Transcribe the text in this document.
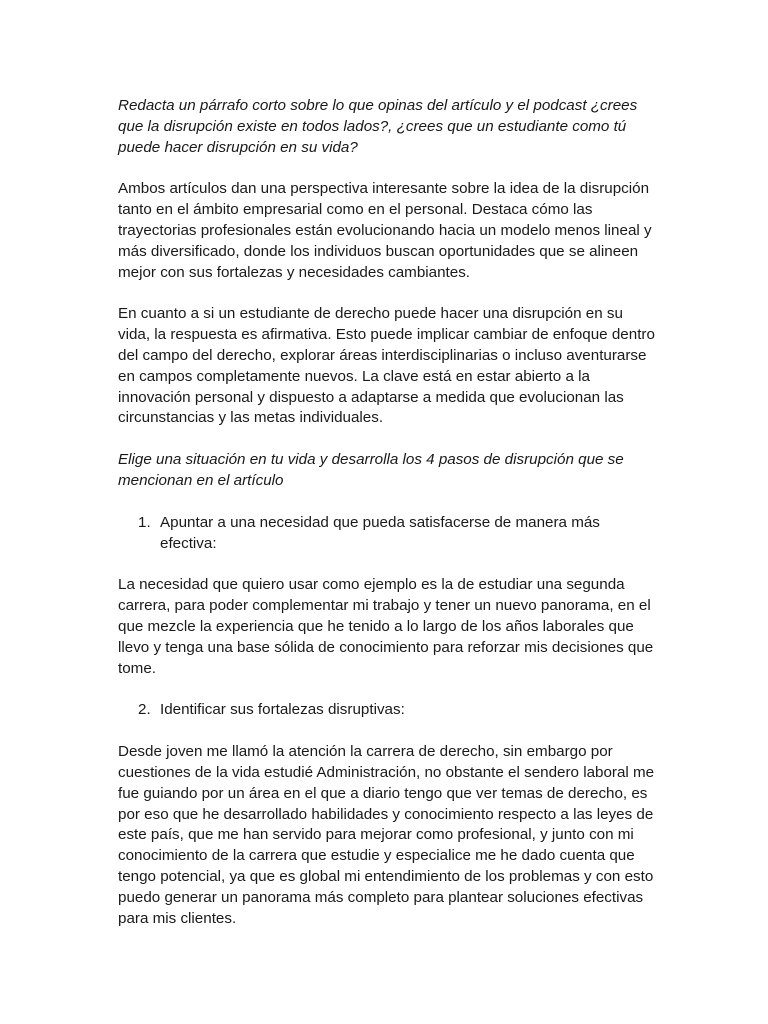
Redacta un párrafo corto sobre lo que opinas del artículo y el podcast ¿crees que la disrupción existe en todos lados?, ¿crees que un estudiante como tú puede hacer disrupción en su vida?

Ambos artículos dan una perspectiva interesante sobre la idea de la disrupción tanto en el ámbito empresarial como en el personal. Destaca cómo las trayectorias profesionales están evolucionando hacia un modelo menos lineal y más diversificado, donde los individuos buscan oportunidades que se alineen mejor con sus fortalezas y necesidades cambiantes.

En cuanto a si un estudiante de derecho puede hacer una disrupción en su vida, la respuesta es afirmativa. Esto puede implicar cambiar de enfoque dentro del campo del derecho, explorar áreas interdisciplinarias o incluso aventurarse en campos completamente nuevos. La clave está en estar abierto a la innovación personal y dispuesto a adaptarse a medida que evolucionan las circunstancias y las metas individuales.

Elige una situación en tu vida y desarrolla los 4 pasos de disrupción que se mencionan en el artículo

1. Apuntar a una necesidad que pueda satisfacerse de manera más efectiva:

La necesidad que quiero usar como ejemplo es la de estudiar una segunda carrera, para poder complementar mi trabajo y tener un nuevo panorama, en el que mezcle la experiencia que he tenido a lo largo de los años laborales que llevo y tenga una base sólida de conocimiento para reforzar mis decisiones que tome.

2. Identificar sus fortalezas disruptivas:

Desde joven me llamó la atención la carrera de derecho, sin embargo por cuestiones de la vida estudié Administración, no obstante el sendero laboral me fue guiando por un área en el que a diario tengo que ver temas de derecho, es por eso que he desarrollado habilidades y conocimiento respecto a las leyes de este país, que me han servido para mejorar como profesional, y junto con mi conocimiento de la carrera que estudie y especialice me he dado cuenta que tengo potencial, ya que es global mi entendimiento de los problemas y con esto puedo generar un panorama más completo para plantear soluciones efectivas para mis clientes.
